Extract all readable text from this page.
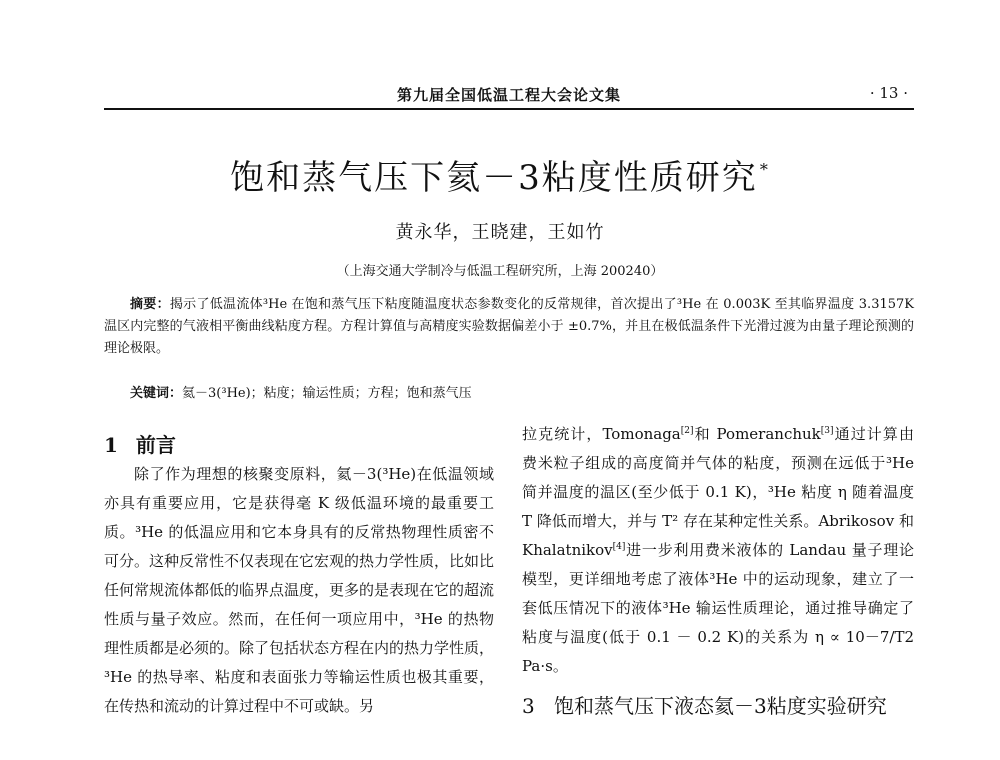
第九届全国低温工程大会论文集	· 13 ·
饱和蒸气压下氦－3粘度性质研究 *
黄永华，王晓建，王如竹
（上海交通大学制冷与低温工程研究所，上海 200240）

摘要：揭示了低温流体³He 在饱和蒸气压下粘度随温度状态参数变化的反常规律，首次提出了³He 在 0.003K 至其临界温度 3.3157K 温区内完整的气液相平衡曲线粘度方程。方程计算值与高精度实验数据偏差小于 ±0.7%，并且在极低温条件下光滑过渡为由量子理论预测的理论极限。

关键词：氦－3(³He)；粘度；输运性质；方程；饱和蒸气压

1 前言

除了作为理想的核聚变原料，氦－3(³He)在低温领域亦具有重要应用，它是获得毫 K 级低温环境的最重要工质。³He 的低温应用和它本身具有的反常热物理性质密不可分。这种反常性不仅表现在它宏观的热力学性质，比如比任何常规流体都低的临界点温度，更多的是表现在它的超流性质与量子效应。然而，在任何一项应用中，³He 的热物理性质都是必须的。除了包括状态方程在内的热力学性质，³He 的热导率、粘度和表面张力等输运性质也极其重要，在传热和流动的计算过程中不可或缺。另

拉克统计，Tomonaga[2]和 Pomeranchuk[3]通过计算由费米粒子组成的高度简并气体的粘度，预测在远低于³He 简并温度的温区(至少低于 0.1 K)，³He 粘度 η 随着温度 T 降低而增大，并与 T² 存在某种定性关系。Abrikosov 和 Khalatnikov[4]进一步利用费米液体的 Landau 量子理论模型，更详细地考虑了液体³He 中的运动现象，建立了一套低压情况下的液体³He 输运性质理论，通过推导确定了粘度与温度(低于 0.1 － 0.2 K)的关系为 η ∝ 10－7/T2 Pa·s。

3 饱和蒸气压下液态氦－3粘度实验研究
